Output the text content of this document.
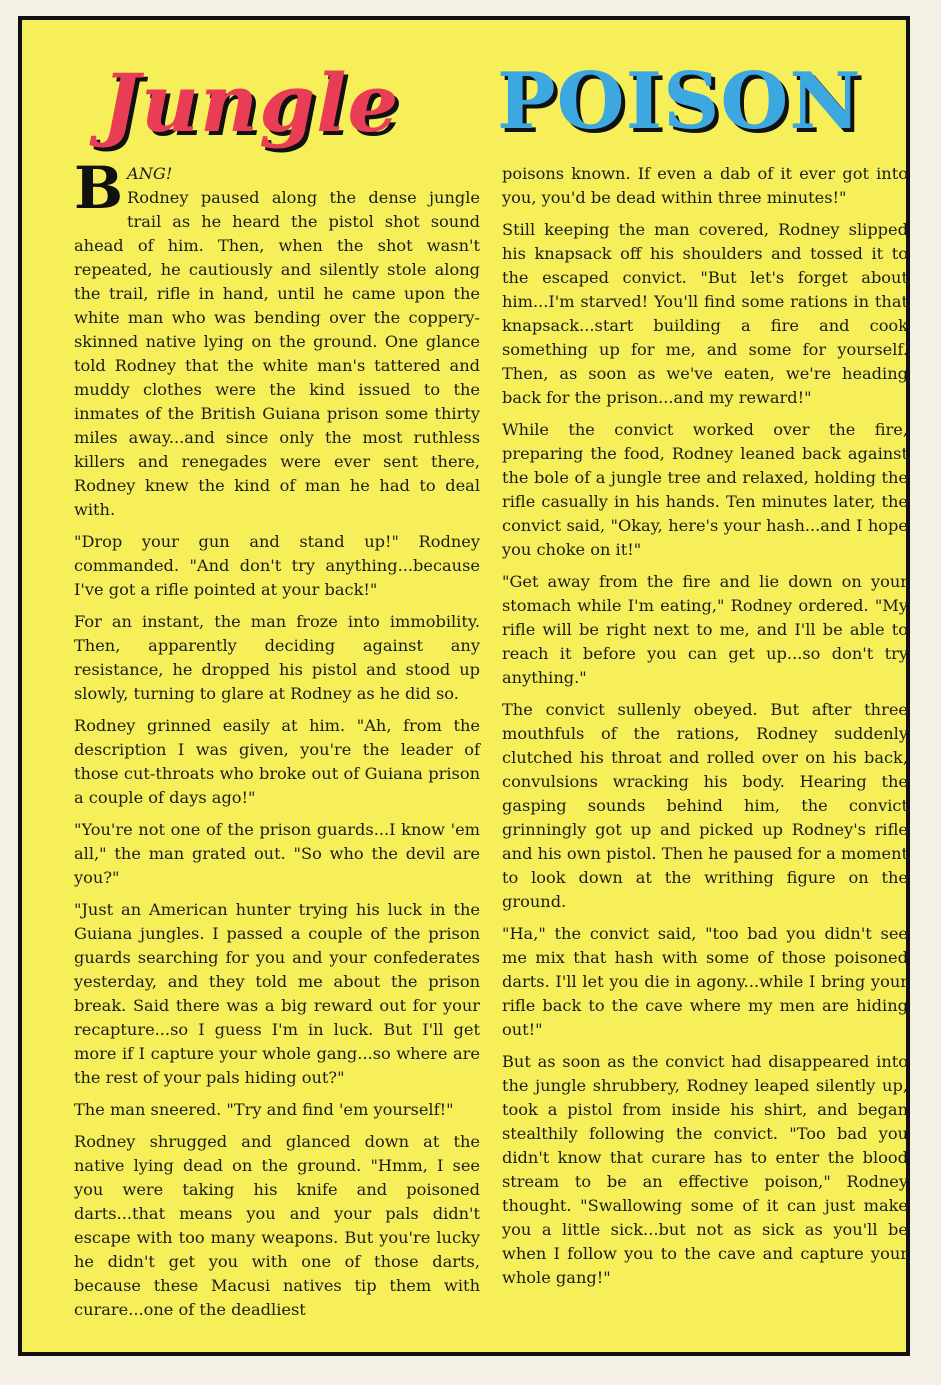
Jungle POISON

B ANG!
Rodney paused along the dense jungle trail as he heard the pistol shot sound ahead of him. Then, when the shot wasn't repeated, he cautiously and silently stole along the trail, rifle in hand, until he came upon the white man who was bending over the coppery-skinned native lying on the ground. One glance told Rodney that the white man's tattered and muddy clothes were the kind issued to the inmates of the British Guiana prison some thirty miles away...and since only the most ruthless killers and renegades were ever sent there, Rodney knew the kind of man he had to deal with.

"Drop your gun and stand up!" Rodney commanded. "And don't try anything...because I've got a rifle pointed at your back!"

For an instant, the man froze into immobility. Then, apparently deciding against any resistance, he dropped his pistol and stood up slowly, turning to glare at Rodney as he did so.

Rodney grinned easily at him. "Ah, from the description I was given, you're the leader of those cut-throats who broke out of Guiana prison a couple of days ago!"

"You're not one of the prison guards...I know 'em all," the man grated out. "So who the devil are you?"

"Just an American hunter trying his luck in the Guiana jungles. I passed a couple of the prison guards searching for you and your confederates yesterday, and they told me about the prison break. Said there was a big reward out for your recapture...so I guess I'm in luck. But I'll get more if I capture your whole gang...so where are the rest of your pals hiding out?"

The man sneered. "Try and find 'em yourself!"

Rodney shrugged and glanced down at the native lying dead on the ground. "Hmm, I see you were taking his knife and poisoned darts...that means you and your pals didn't escape with too many weapons. But you're lucky he didn't get you with one of those darts, because these Macusi natives tip them with curare...one of the deadliest

poisons known. If even a dab of it ever got into you, you'd be dead within three minutes!"

Still keeping the man covered, Rodney slipped his knapsack off his shoulders and tossed it to the escaped convict. "But let's forget about him...I'm starved! You'll find some rations in that knapsack...start building a fire and cook something up for me, and some for yourself. Then, as soon as we've eaten, we're heading back for the prison...and my reward!"

While the convict worked over the fire, preparing the food, Rodney leaned back against the bole of a jungle tree and relaxed, holding the rifle casually in his hands. Ten minutes later, the convict said, "Okay, here's your hash...and I hope you choke on it!"

"Get away from the fire and lie down on your stomach while I'm eating," Rodney ordered. "My rifle will be right next to me, and I'll be able to reach it before you can get up...so don't try anything."

The convict sullenly obeyed. But after three mouthfuls of the rations, Rodney suddenly clutched his throat and rolled over on his back, convulsions wracking his body. Hearing the gasping sounds behind him, the convict grinningly got up and picked up Rodney's rifle and his own pistol. Then he paused for a moment to look down at the writhing figure on the ground.

"Ha," the convict said, "too bad you didn't see me mix that hash with some of those poisoned darts. I'll let you die in agony...while I bring your rifle back to the cave where my men are hiding out!"

But as soon as the convict had disappeared into the jungle shrubbery, Rodney leaped silently up, took a pistol from inside his shirt, and began stealthily following the convict. "Too bad you didn't know that curare has to enter the blood stream to be an effective poison," Rodney thought. "Swallowing some of it can just make you a little sick...but not as sick as you'll be when I follow you to the cave and capture your whole gang!"
